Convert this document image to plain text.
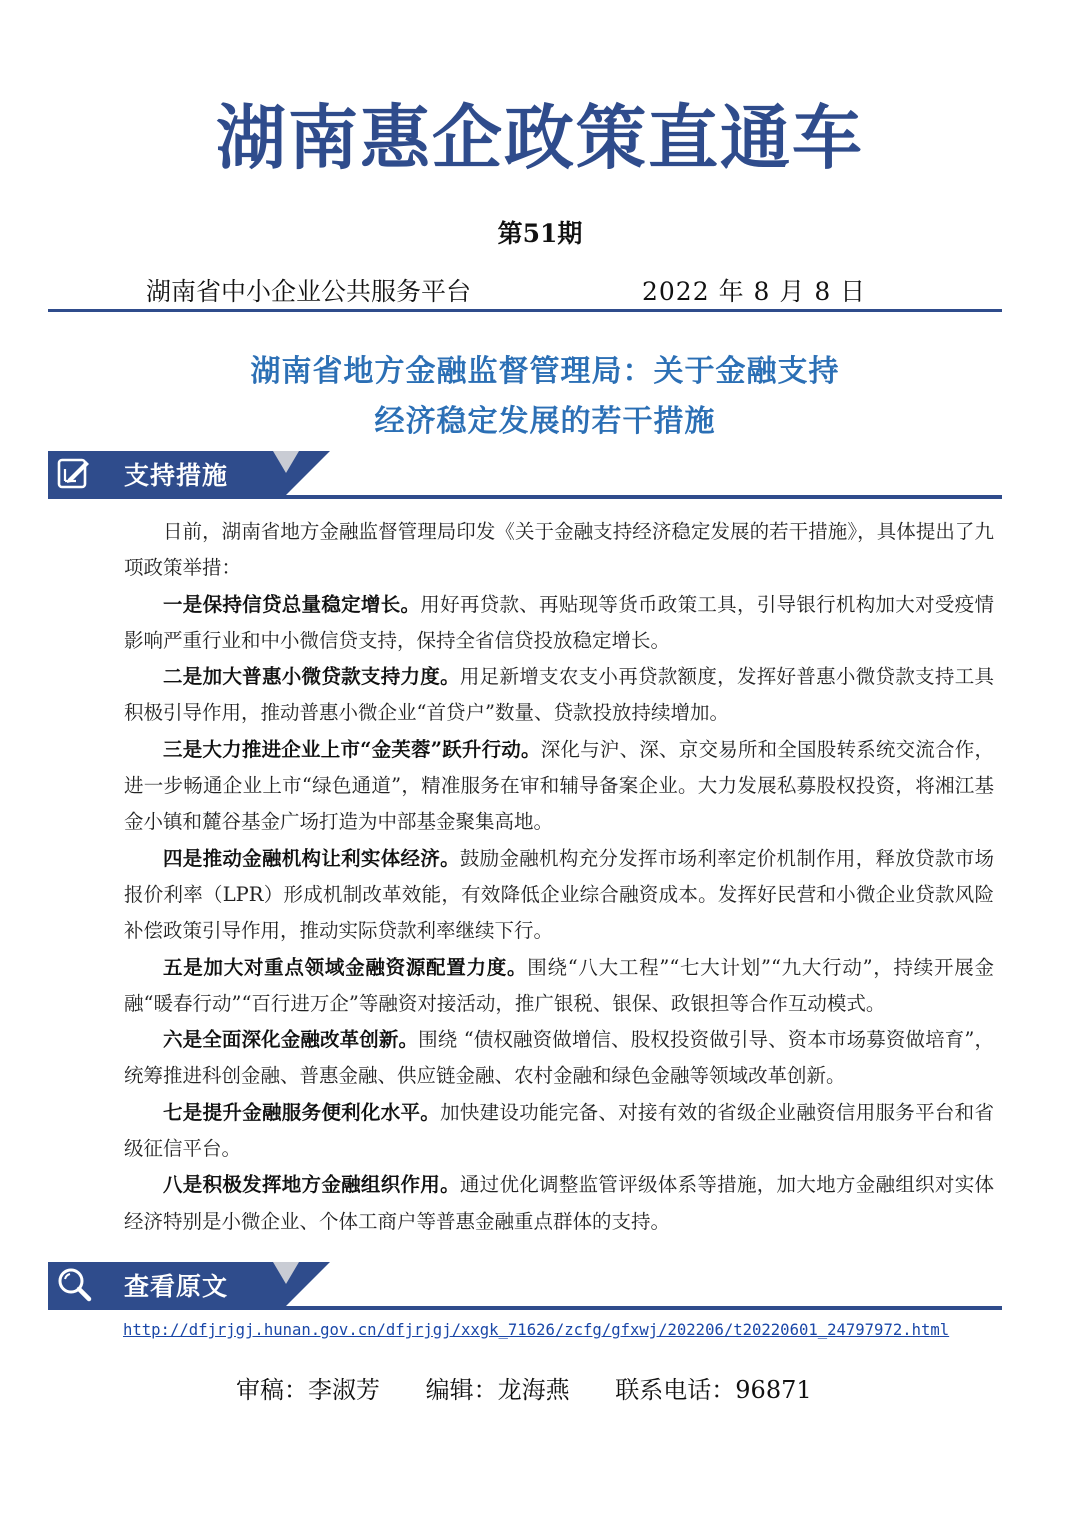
湖南惠企政策直通车
第51期
湖南省中小企业公共服务平台	2022 年 8 月 8 日
湖南省地方金融监督管理局：关于金融支持
经济稳定发展的若干措施
支持措施

日前，湖南省地方金融监督管理局印发《关于金融支持经济稳定发展的若干措施》，具体提出了九项政策举措：

一是保持信贷总量稳定增长。用好再贷款、再贴现等货币政策工具，引导银行机构加大对受疫情影响严重行业和中小微信贷支持，保持全省信贷投放稳定增长。

二是加大普惠小微贷款支持力度。用足新增支农支小再贷款额度，发挥好普惠小微贷款支持工具积极引导作用，推动普惠小微企业“首贷户”数量、贷款投放持续增加。

三是大力推进企业上市“金芙蓉”跃升行动。深化与沪、深、京交易所和全国股转系统交流合作，进一步畅通企业上市“绿色通道”，精准服务在审和辅导备案企业。大力发展私募股权投资，将湘江基金小镇和麓谷基金广场打造为中部基金聚集高地。

四是推动金融机构让利实体经济。鼓励金融机构充分发挥市场利率定价机制作用，释放贷款市场报价利率（LPR）形成机制改革效能，有效降低企业综合融资成本。发挥好民营和小微企业贷款风险补偿政策引导作用，推动实际贷款利率继续下行。

五是加大对重点领域金融资源配置力度。围绕“八大工程”“七大计划”“九大行动”，持续开展金融“暖春行动”“百行进万企”等融资对接活动，推广银税、银保、政银担等合作互动模式。

六是全面深化金融改革创新。围绕 “债权融资做增信、股权投资做引导、资本市场募资做培育”，统筹推进科创金融、普惠金融、供应链金融、农村金融和绿色金融等领域改革创新。

七是提升金融服务便利化水平。加快建设功能完备、对接有效的省级企业融资信用服务平台和省级征信平台。

八是积极发挥地方金融组织作用。通过优化调整监管评级体系等措施，加大地方金融组织对实体经济特别是小微企业、个体工商户等普惠金融重点群体的支持。

查看原文
http://dfjrjgj.hunan.gov.cn/dfjrjgj/xxgk_71626/zcfg/gfxwj/202206/t20220601_24797972.html
审稿：李淑芳 编辑：龙海燕 联系电话：96871
